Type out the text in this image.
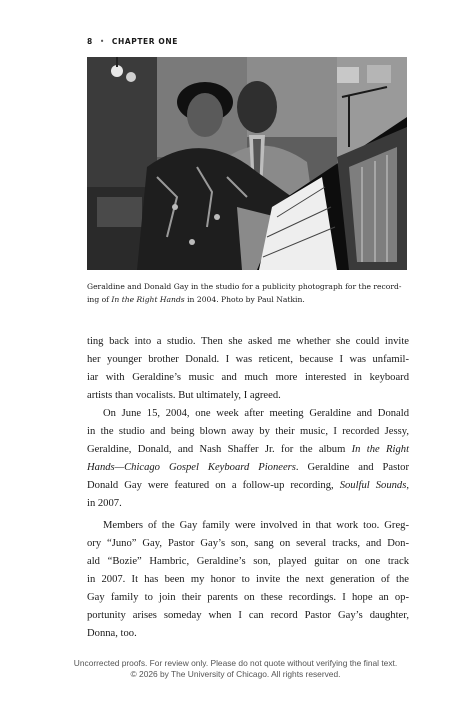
8 • CHAPTER ONE
Geraldine and Donald Gay in the studio for a publicity photograph for the record-
ing of In the Right Hands in 2004. Photo by Paul Natkin.
ting back into a studio. Then she asked me whether she could invite
her younger brother Donald. I was reticent, because I was unfamil-
iar with Geraldine’s music and much more interested in keyboard
artists than vocalists. But ultimately, I agreed.
On June 15, 2004, one week after meeting Geraldine and Donald
in the studio and being blown away by their music, I recorded Jessy,
Geraldine, Donald, and Nash Shaffer Jr. for the album In the Right
Hands—Chicago Gospel Keyboard Pioneers. Geraldine and Pastor
Donald Gay were featured on a follow-up recording, Soulful Sounds,
in 2007.
Members of the Gay family were involved in that work too. Greg-
ory “Juno” Gay, Pastor Gay’s son, sang on several tracks, and Don-
ald “Bozie” Hambric, Geraldine’s son, played guitar on one track
in 2007. It has been my honor to invite the next generation of the
Gay family to join their parents on these recordings. I hope an op-
portunity arises someday when I can record Pastor Gay’s daughter,
Donna, too.
Uncorrected proofs. For review only. Please do not quote without verifying the final text.
© 2026 by The University of Chicago. All rights reserved.
